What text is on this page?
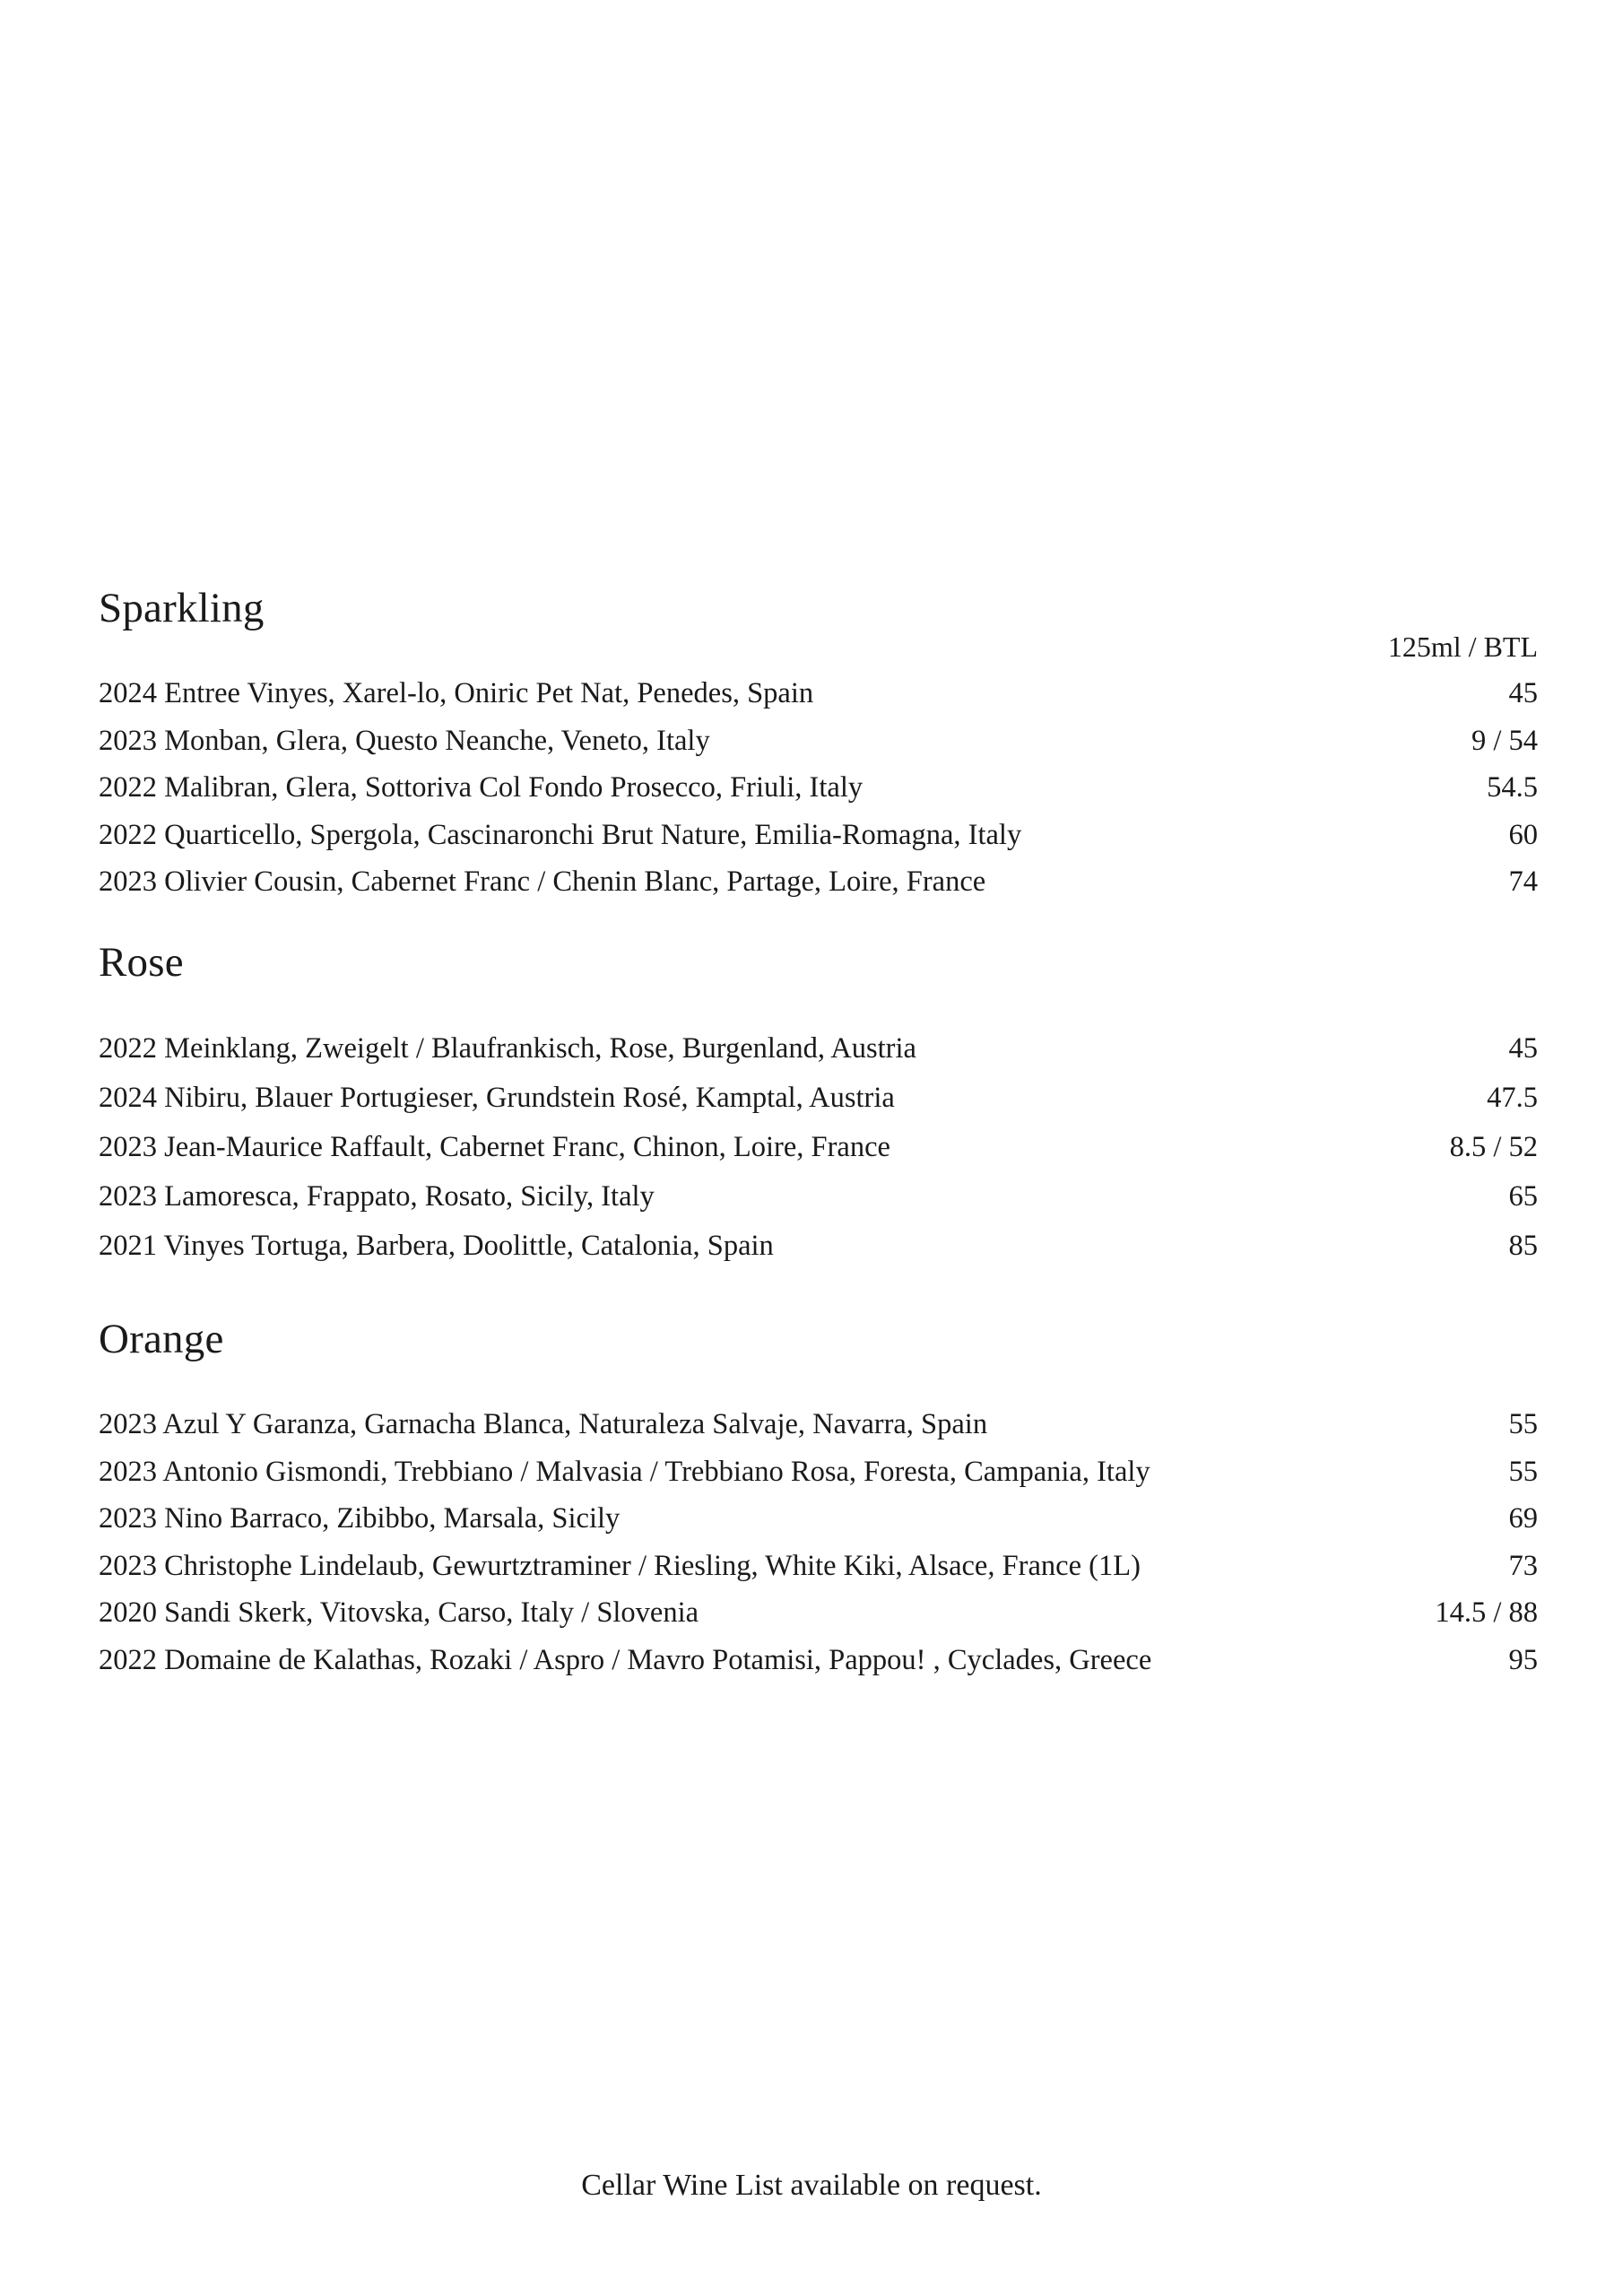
Sparkling
125ml / BTL
2024 Entree Vinyes, Xarel-lo, Oniric Pet Nat, Penedes, Spain	45
2023 Monban, Glera, Questo Neanche, Veneto, Italy	9 / 54
2022 Malibran, Glera, Sottoriva Col Fondo Prosecco, Friuli, Italy	54.5
2022 Quarticello, Spergola, Cascinaronchi Brut Nature, Emilia-Romagna, Italy	60
2023 Olivier Cousin, Cabernet Franc / Chenin Blanc, Partage, Loire, France	74
Rose
2022 Meinklang, Zweigelt / Blaufrankisch, Rose, Burgenland, Austria	45
2024 Nibiru, Blauer Portugieser, Grundstein Rosé, Kamptal, Austria	47.5
2023 Jean-Maurice Raffault, Cabernet Franc, Chinon, Loire, France	8.5 / 52
2023 Lamoresca, Frappato, Rosato, Sicily, Italy	65
2021 Vinyes Tortuga, Barbera, Doolittle, Catalonia, Spain	85
Orange
2023 Azul Y Garanza, Garnacha Blanca, Naturaleza Salvaje, Navarra, Spain	55
2023 Antonio Gismondi, Trebbiano / Malvasia / Trebbiano Rosa, Foresta, Campania, Italy	55
2023 Nino Barraco, Zibibbo, Marsala, Sicily	69
2023 Christophe Lindelaub, Gewurtztraminer / Riesling, White Kiki, Alsace, France (1L)	73
2020 Sandi Skerk, Vitovska, Carso, Italy / Slovenia	14.5 / 88
2022 Domaine de Kalathas, Rozaki / Aspro / Mavro Potamisi, Pappou! , Cyclades, Greece	95
Cellar Wine List available on request.
